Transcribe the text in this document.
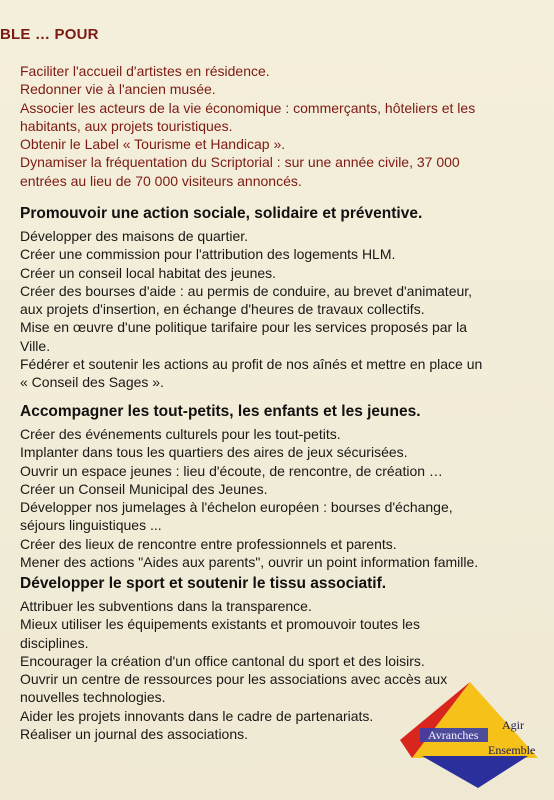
BLE … POUR
Faciliter l'accueil d'artistes en résidence.
Redonner vie à l'ancien musée.
Associer les acteurs de la vie économique : commerçants, hôteliers et les
habitants, aux projets touristiques.
Obtenir le Label « Tourisme et Handicap ».
Dynamiser la fréquentation du Scriptorial : sur une année civile, 37 000
entrées au lieu de 70 000 visiteurs annoncés.
Promouvoir une action sociale, solidaire et préventive.
Développer des maisons de quartier.
Créer une commission pour l'attribution des logements HLM.
Créer un conseil local habitat des jeunes.
Créer des bourses d'aide : au permis de conduire, au brevet d'animateur,
aux projets d'insertion, en échange d'heures de travaux collectifs.
Mise en œuvre d'une politique tarifaire pour les services proposés par la
Ville.
Fédérer et soutenir les actions au profit de nos aînés et mettre en place un
« Conseil des Sages ».
Accompagner les tout-petits, les enfants et les jeunes.
Créer des événements culturels pour les tout-petits.
Implanter dans tous les quartiers des aires de jeux sécurisées.
Ouvrir un espace jeunes : lieu d'écoute, de rencontre, de création …
Créer un Conseil Municipal des Jeunes.
Développer nos jumelages à l'échelon européen : bourses d'échange,
séjours linguistiques ...
Créer des lieux de rencontre entre professionnels et parents.
Mener des actions "Aides aux parents", ouvrir un point information famille.
Développer le sport et soutenir le tissu associatif.
Attribuer les subventions dans la transparence.
Mieux utiliser les équipements existants et promouvoir toutes les
disciplines.
Encourager la création d'un office cantonal du sport et des loisirs.
Ouvrir un centre de ressources pour les associations avec accès aux
nouvelles technologies.
Aider les projets innovants dans le cadre de partenariats.
Réaliser un journal des associations.	Avranches
Agir
Ensemble
